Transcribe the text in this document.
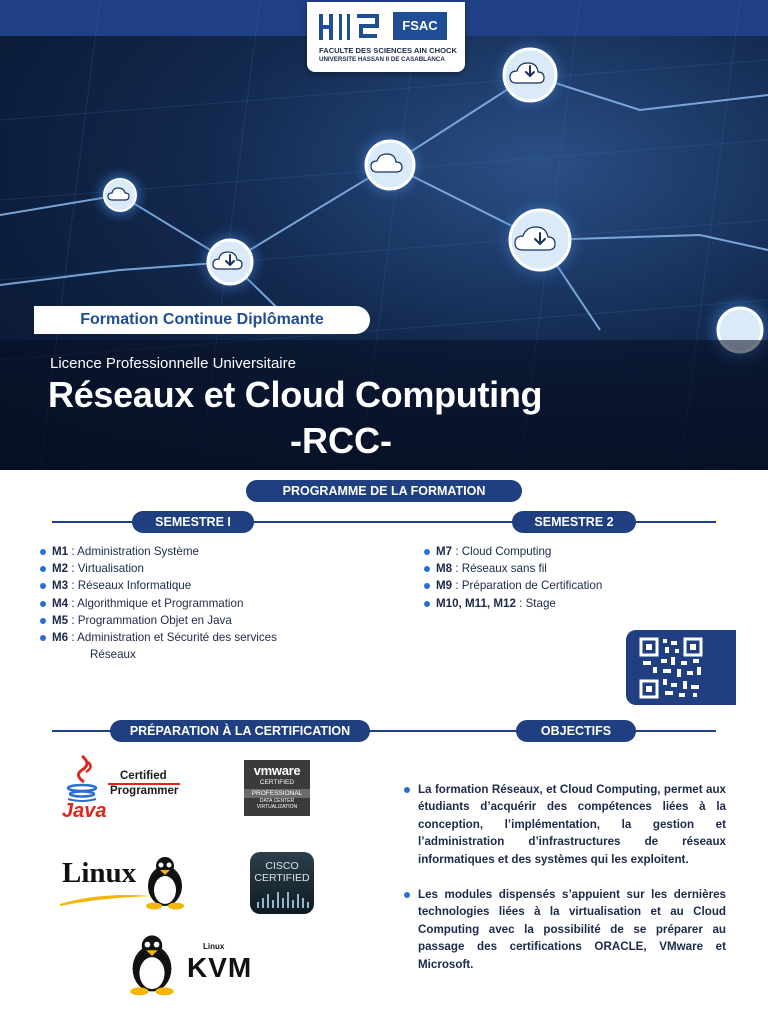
FSAC
FACULTE DES SCIENCES AIN CHOCK
UNIVERSITE HASSAN II DE CASABLANCA
Formation Continue Diplômante
Licence Professionnelle Universitaire
Réseaux et Cloud Computing
-RCC-
PROGRAMME DE LA FORMATION
SEMESTRE I	SEMESTRE 2
M1 : Administration Système
M2 : Virtualisation
M3 : Réseaux Informatique
M4 : Algorithmique et Programmation
M5 : Programmation Objet en Java
M6 : Administration et Sécurité des services
Réseaux
M7 : Cloud Computing
M8 : Réseaux sans fil
M9 : Préparation de Certification
M10, M11, M12 : Stage
PRÉPARATION À LA CERTIFICATION	OBJECTIFS
Java
Certified
Programmer
vmware
CERTIFIED
PROFESSIONAL
DATA CENTER
VIRTUALIZATION
Linux	CISCO
CERTIFIED
Linux
KVM
La formation Réseaux, et Cloud Computing, permet aux étudiants d’acquérir des compétences liées à la conception, l’implémentation, la gestion et l’administration d’infrastructures de réseaux informatiques et des systèmes qui les exploitent.
Les modules dispensés s’appuient sur les dernières technologies liées à la virtualisation et au Cloud Computing avec la possibilité de se préparer au passage des certifications ORACLE, VMware et Microsoft.
